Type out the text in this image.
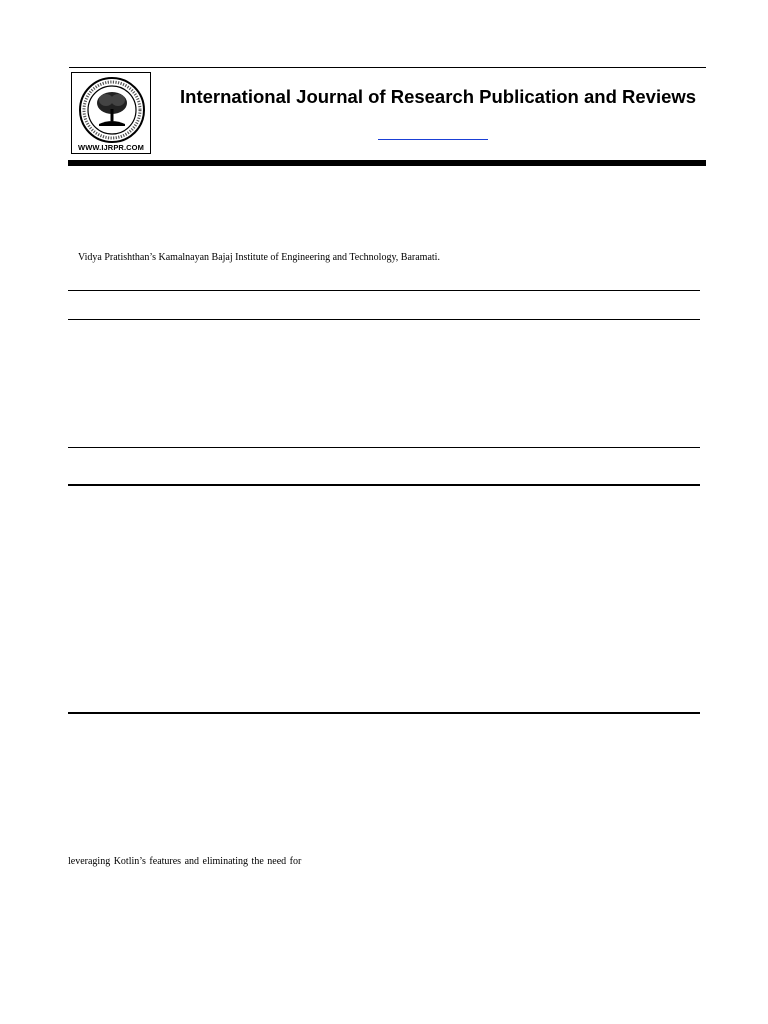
WWW.IJRPR.COM
International Journal of Research Publication and Reviews
Vidya Pratishthan’s Kamalnayan Bajaj Institute of Engineering and Technology, Baramati.
leveraging Kotlin’s features and eliminating the need for
